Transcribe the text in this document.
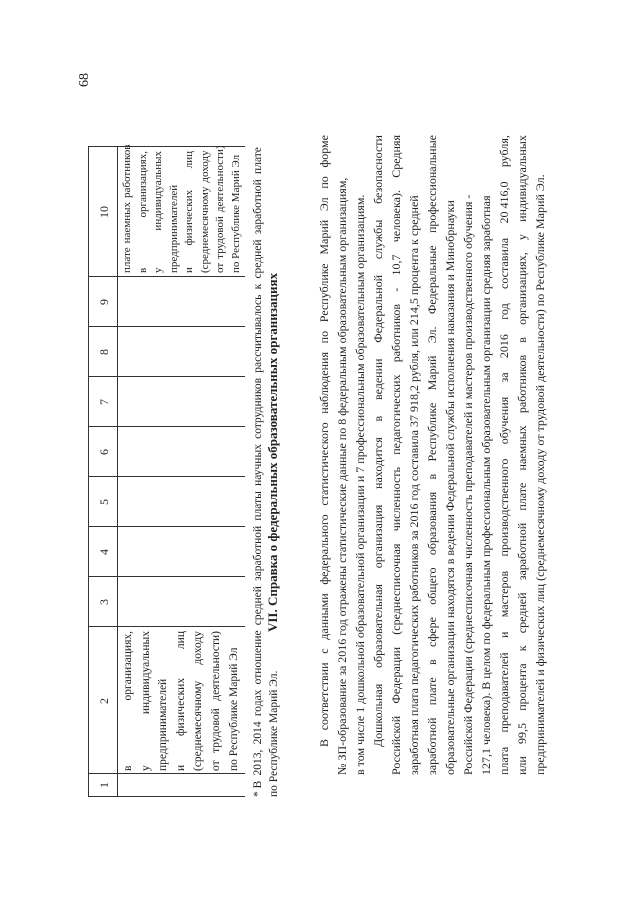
68
1
2
3
4
5
6
7
8
9
10
в
организациях,
у
индивидуальных
предпринимателей и
физических
лиц
(среднемесячному
доходу
от
трудовой
деятельности) по Республике Марий Эл
плате
наемных
работников
в
организациях,
у
индивидуальных предпринимателей и
физических
лиц
(среднемесячному
доходу
от
трудовой
деятельности) по Республике Марий Эл
* В
2013,
2014
годах
отношение
средней
заработной
платы
научных
сотрудников
рассчитывалось
к
средней
заработной
плате
по Республике Марий Эл.
VII. Справка о федеральных образовательных организациях
В
соответствии
с
данными
федерального
статистического
наблюдения
по
Республике
Марий
Эл
по
форме
№ ЗП-образование за 2016 год отражены статистические данные по 8 федеральным образовательным организациям, в том числе 1 дошкольной образовательной организации и 7 профессиональным образовательным организациям. Дошкольная
образовательная
организация
находится
в
ведении
Федеральной
службы
безопасности
Российской
Федерации
(среднесписочная
численность
педагогических
работников
-
10,7
человека).
Средняя
заработная плата педагогических работников за 2016 год составила 37 918,2 рубля, или 214,5 процента к средней заработной
плате
в
сфере
общего
образования
в
Республике
Марий
Эл.
Федеральные
профессиональные
образовательные организации находятся в ведении Федеральной службы исполнения наказания и Минобрнауки Российской Федерации (среднесписочная численность преподавателей и мастеров производственного обучения - 127,1 человека). В целом по федеральным профессиональным образовательным организации средняя заработная плата
преподавателей
и
мастеров
производственного
обучения
за
2016
год
составила
20 416,0
рубля,
или
99,5
процента
к
средней
заработной
плате
наемных
работников
в
организациях,
у
индивидуальных предпринимателей и физических лиц (среднемесячному доходу от трудовой деятельности) по Республике Марий Эл.
